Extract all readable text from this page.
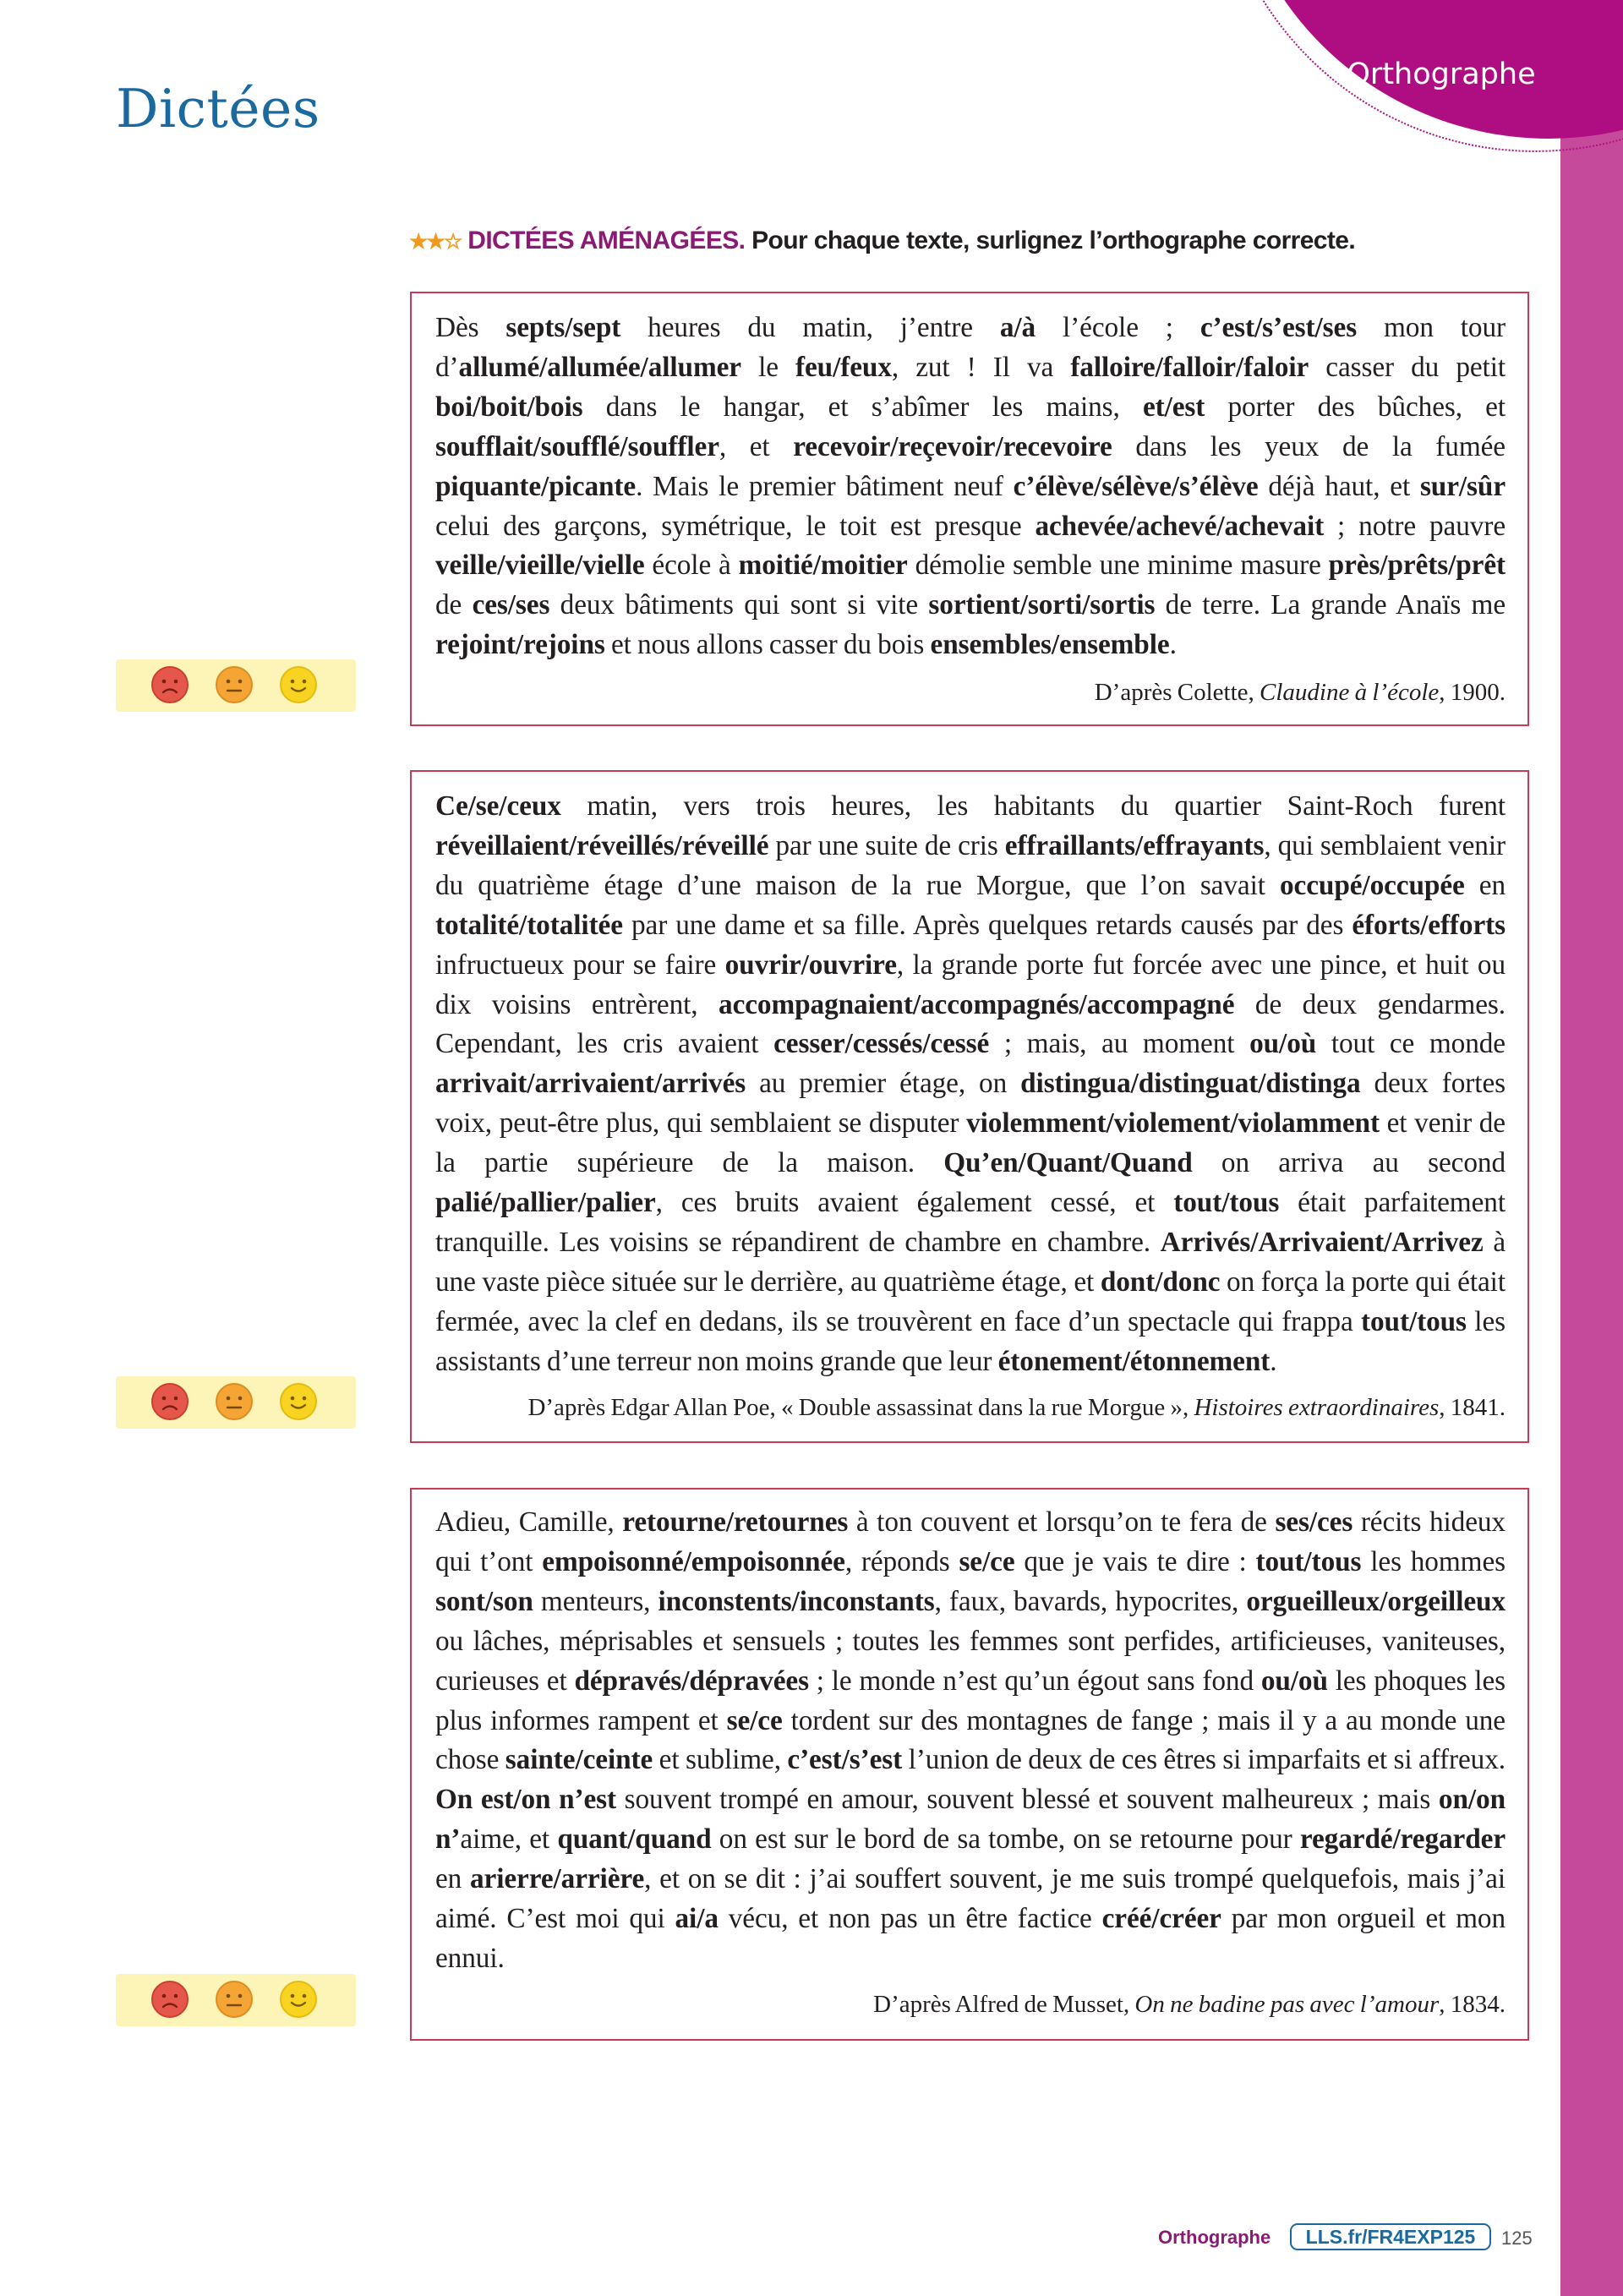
Orthographe
Dictées
★★☆ DICTÉES AMÉNAGÉES. Pour chaque texte, surlignez l’orthographe correcte.

Dès septs/sept heures du matin, j’entre a/à l’école ; c’est/s’est/ses mon tour d’allumé/allumée/allumer le feu/feux, zut ! Il va falloire/falloir/faloir casser du petit boi/boit/bois dans le hangar, et s’abîmer les mains, et/est porter des bûches, et soufflait/soufflé/souffler, et recevoir/reçevoir/recevoire dans les yeux de la fumée piquante/picante. Mais le premier bâtiment neuf c’élève/sélève/s’élève déjà haut, et sur/sûr celui des garçons, symétrique, le toit est presque achevée/achevé/achevait ; notre pauvre veille/vieille/vielle école à moitié/moitier démolie semble une minime masure près/prêts/prêt de ces/ses deux bâtiments qui sont si vite sortient/sorti/sortis de terre. La grande Anaïs me rejoint/rejoins et nous allons casser du bois ensembles/ensemble.

D’après Colette, Claudine à l’école, 1900.

Ce/se/ceux matin, vers trois heures, les habitants du quartier Saint-Roch furent réveillaient/réveillés/réveillé par une suite de cris effraillants/effrayants, qui semblaient venir du quatrième étage d’une maison de la rue Morgue, que l’on savait occupé/occupée en totalité/totalitée par une dame et sa fille. Après quelques retards causés par des éforts/efforts infructueux pour se faire ouvrir/ouvrire, la grande porte fut forcée avec une pince, et huit ou dix voisins entrèrent, accompagnaient/accompagnés/accompagné de deux gendarmes. Cependant, les cris avaient cesser/cessés/cessé ; mais, au moment ou/où tout ce monde arrivait/arrivaient/arrivés au premier étage, on distingua/distinguat/distinga deux fortes voix, peut-être plus, qui semblaient se disputer violemment/violement/violamment et venir de la partie supérieure de la maison. Qu’en/Quant/Quand on arriva au second palié/pallier/palier, ces bruits avaient également cessé, et tout/tous était parfaitement tranquille. Les voisins se répandirent de chambre en chambre. Arrivés/Arrivaient/Arrivez à une vaste pièce située sur le derrière, au quatrième étage, et dont/donc on força la porte qui était fermée, avec la clef en dedans, ils se trouvèrent en face d’un spectacle qui frappa tout/tous les assistants d’une terreur non moins grande que leur étonement/étonnement.

D’après Edgar Allan Poe, « Double assassinat dans la rue Morgue », Histoires extraordinaires, 1841.

Adieu, Camille, retourne/retournes à ton couvent et lorsqu’on te fera de ses/ces récits hideux qui t’ont empoisonné/empoisonnée, réponds se/ce que je vais te dire : tout/tous les hommes sont/son menteurs, inconstents/inconstants, faux, bavards, hypocrites, orgueilleux/orgeilleux ou lâches, méprisables et sensuels ; toutes les femmes sont perfides, artificieuses, vaniteuses, curieuses et dépravés/dépravées ; le monde n’est qu’un égout sans fond ou/où les phoques les plus informes rampent et se/ce tordent sur des montagnes de fange ; mais il y a au monde une chose sainte/ceinte et sublime, c’est/s’est l’union de deux de ces êtres si imparfaits et si affreux. On est/on n’est souvent trompé en amour, souvent blessé et souvent malheureux ; mais on/on n’aime, et quant/quand on est sur le bord de sa tombe, on se retourne pour regardé/regarder en arierre/arrière, et on se dit : j’ai souffert souvent, je me suis trompé quelquefois, mais j’ai aimé. C’est moi qui ai/a vécu, et non pas un être factice créé/créer par mon orgueil et mon ennui.

D’après Alfred de Musset, On ne badine pas avec l’amour, 1834.

Orthographe	LLS.fr/FR4EXP125	125
